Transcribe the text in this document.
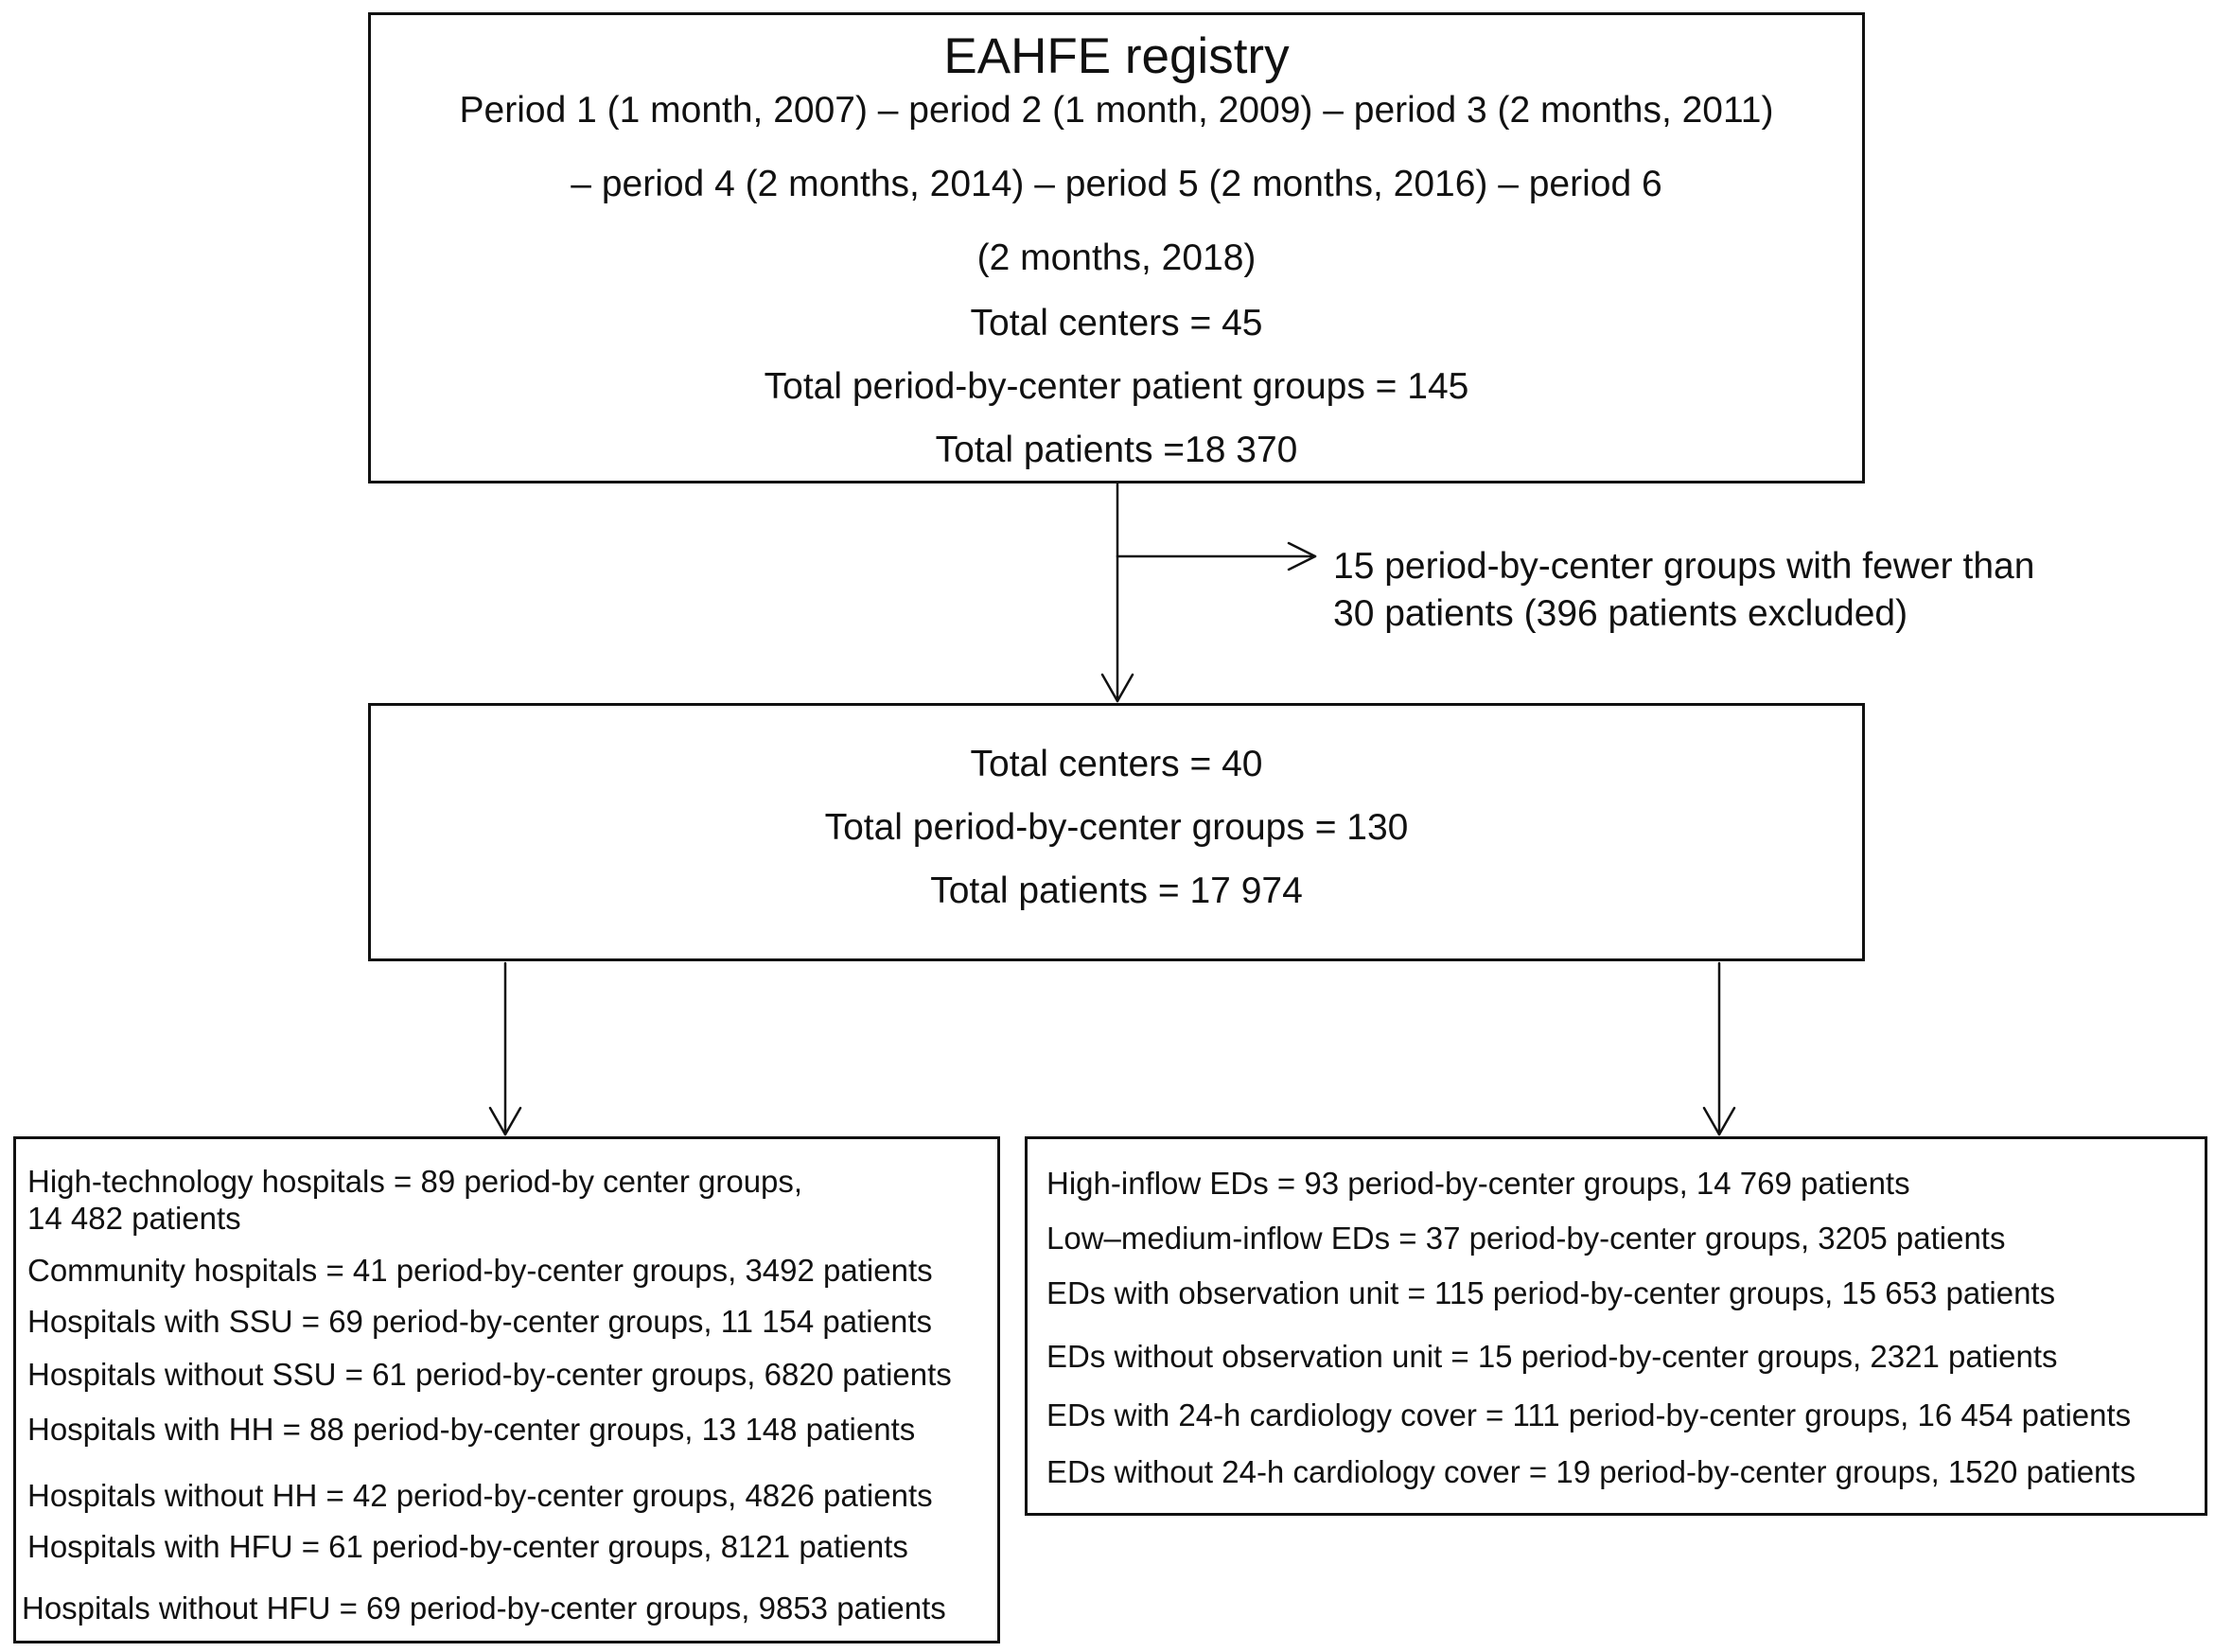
EAHFE registry
Period 1 (1 month, 2007) – period 2 (1 month, 2009) – period 3 (2 months, 2011)
– period 4 (2 months, 2014) – period 5 (2 months, 2016) – period 6
(2 months, 2018)
Total centers = 45
Total period-by-center patient groups = 145
Total patients =18 370
15 period-by-center groups with fewer than
30 patients (396 patients excluded)
Total centers = 40
Total period-by-center groups = 130
Total patients = 17 974
High-technology hospitals = 89 period-by center groups,
14 482 patients
Community hospitals = 41 period-by-center groups, 3492 patients
Hospitals with SSU = 69 period-by-center groups, 11 154 patients
Hospitals without SSU = 61 period-by-center groups, 6820 patients
Hospitals with HH = 88 period-by-center groups, 13 148 patients
Hospitals without HH = 42 period-by-center groups, 4826 patients
Hospitals with HFU = 61 period-by-center groups, 8121 patients
Hospitals without HFU = 69 period-by-center groups, 9853 patients
High-inflow EDs = 93 period-by-center groups, 14 769 patients
Low–medium-inflow EDs = 37 period-by-center groups, 3205 patients
EDs with observation unit = 115 period-by-center groups, 15 653 patients
EDs without observation unit = 15 period-by-center groups, 2321 patients
EDs with 24-h cardiology cover = 111 period-by-center groups, 16 454 patients
EDs without 24-h cardiology cover = 19 period-by-center groups, 1520 patients
